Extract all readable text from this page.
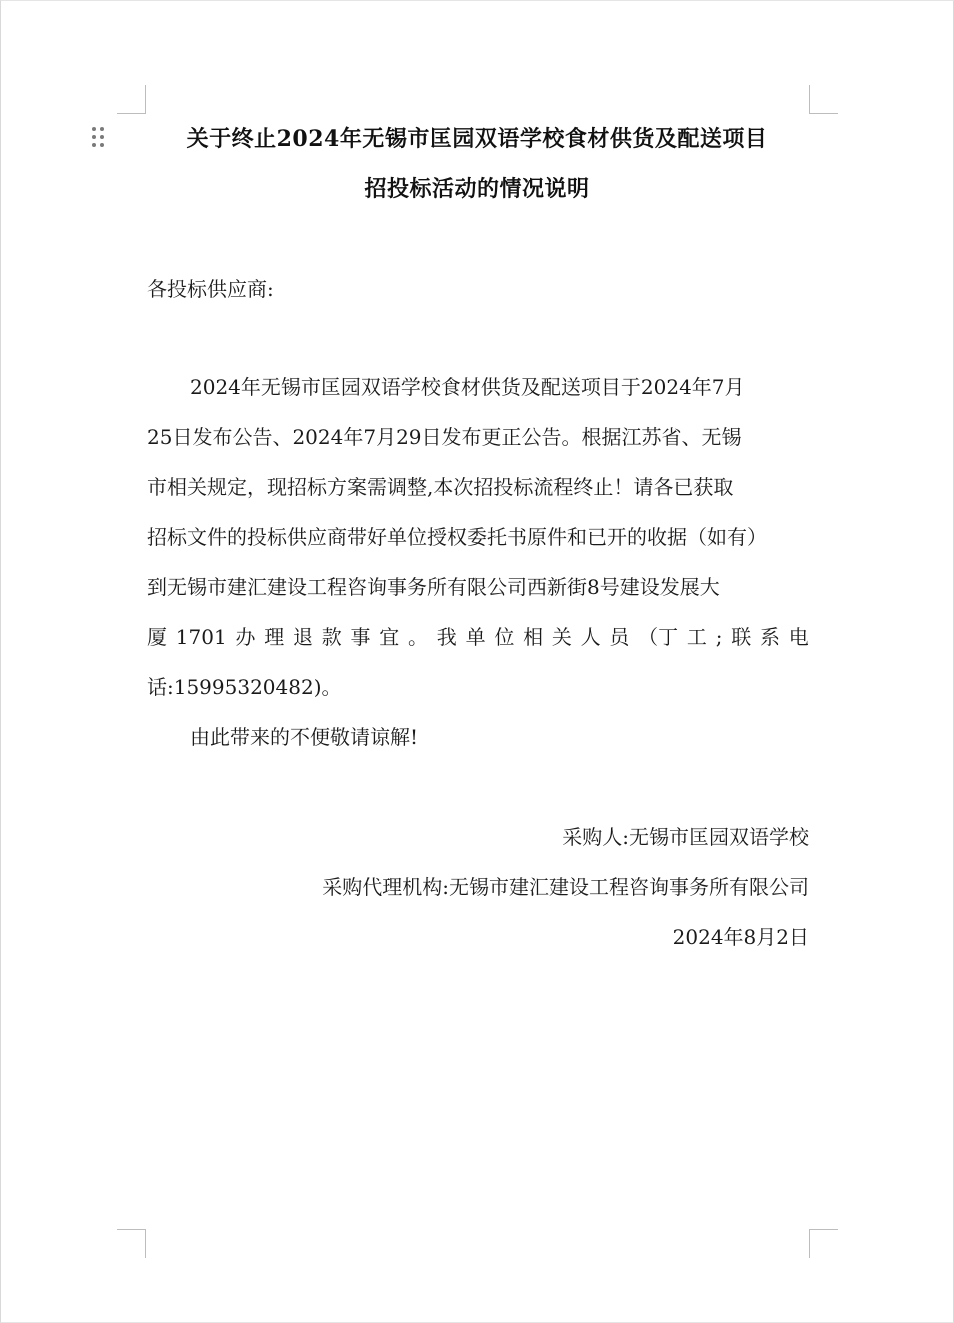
关于终止2024年无锡市匡园双语学校食材供货及配送项目
招投标活动的情况说明
各投标供应商:
2024年无锡市匡园双语学校食材供货及配送项目于2024年7月
25日发布公告、2024年7月29日发布更正公告。根据江苏省、无锡
市相关规定，现招标方案需调整,本次招投标流程终止！请各已获取
招标文件的投标供应商带好单位授权委托书原件和已开的收据（如有）
到无锡市建汇建设工程咨询事务所有限公司西新街8号建设发展大
厦 1701 办 理 退 款 事 宜 。 我 单 位 相 关 人 员 （丁 工 ; 联 系 电
话:15995320482)。
由此带来的不便敬请谅解!
采购人:无锡市匡园双语学校
采购代理机构:无锡市建汇建设工程咨询事务所有限公司
2024年8月2日
